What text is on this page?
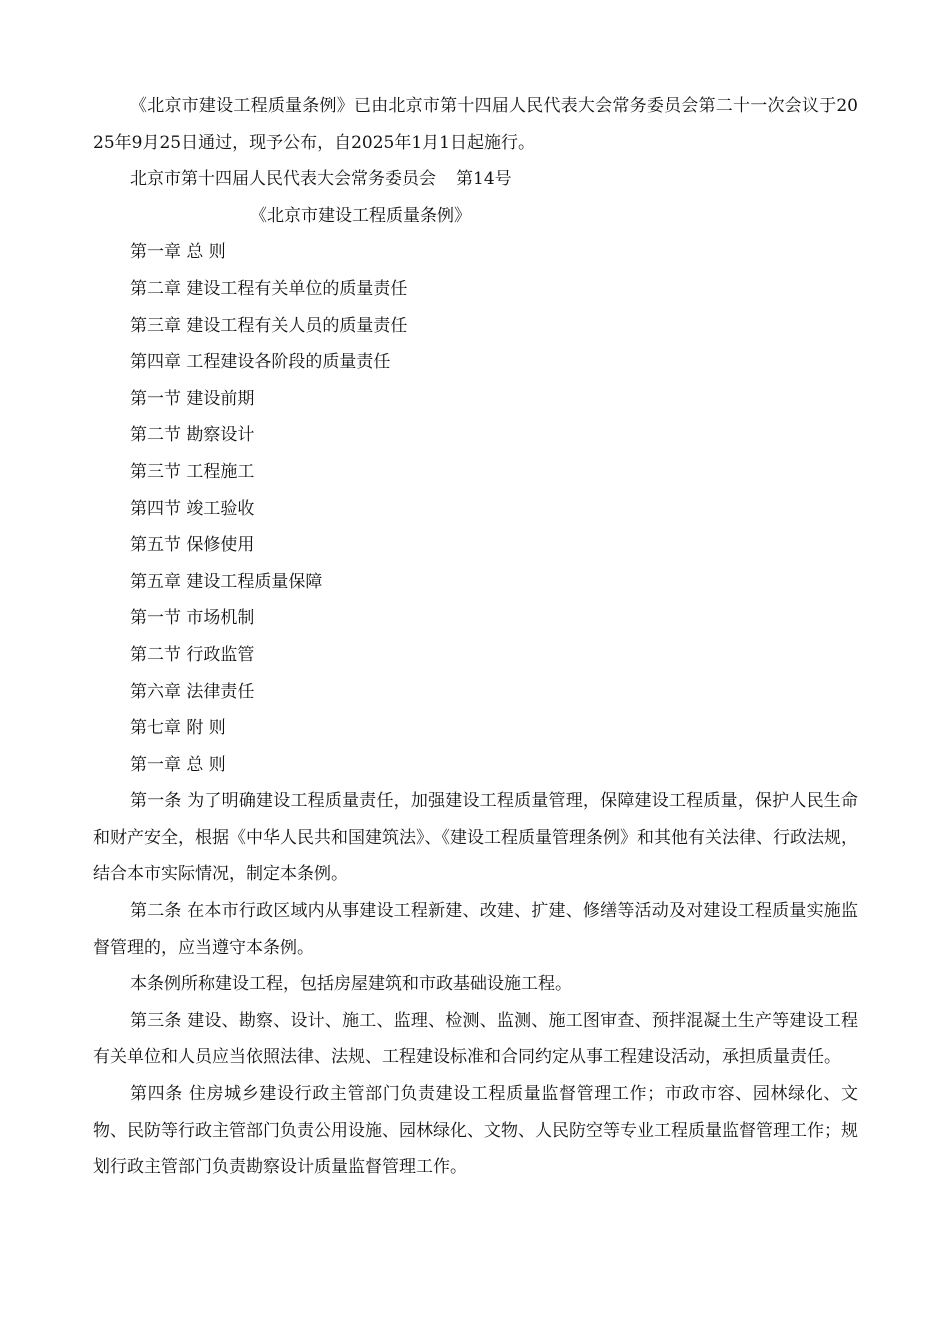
《北京市建设工程质量条例》已由北京市第十四届人民代表大会常务委员会第二十一次会议于2025年9月25日通过，现予公布，自2025年1月1日起施行。

北京市第十四届人民代表大会常务委员会 第14号

《北京市建设工程质量条例》

第一章 总 则

第二章 建设工程有关单位的质量责任

第三章 建设工程有关人员的质量责任

第四章 工程建设各阶段的质量责任

第一节 建设前期

第二节 勘察设计

第三节 工程施工

第四节 竣工验收

第五节 保修使用

第五章 建设工程质量保障

第一节 市场机制

第二节 行政监管

第六章 法律责任

第七章 附 则

第一章 总 则

第一条 为了明确建设工程质量责任，加强建设工程质量管理，保障建设工程质量，保护人民生命和财产安全，根据《中华人民共和国建筑法》、《建设工程质量管理条例》和其他有关法律、行政法规，结合本市实际情况，制定本条例。

第二条 在本市行政区域内从事建设工程新建、改建、扩建、修缮等活动及对建设工程质量实施监督管理的，应当遵守本条例。

本条例所称建设工程，包括房屋建筑和市政基础设施工程。

第三条 建设、勘察、设计、施工、监理、检测、监测、施工图审查、预拌混凝土生产等建设工程有关单位和人员应当依照法律、法规、工程建设标准和合同约定从事工程建设活动，承担质量责任。

第四条 住房城乡建设行政主管部门负责建设工程质量监督管理工作；市政市容、园林绿化、文物、民防等行政主管部门负责公用设施、园林绿化、文物、人民防空等专业工程质量监督管理工作；规划行政主管部门负责勘察设计质量监督管理工作。
